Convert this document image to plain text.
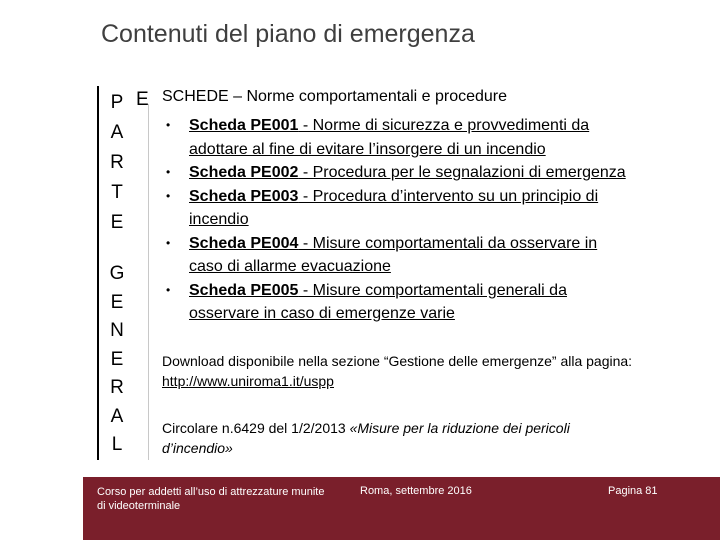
Contenuti del piano di emergenza
P
A
R
T
E
G
E
N
E
R
A
L
E SCHEDE – Norme comportamentali e procedure
• Scheda PE001 - Norme di sicurezza e provvedimenti da adottare al fine di evitare l’insorgere di un incendio
• Scheda PE002 - Procedura per le segnalazioni di emergenza
• Scheda PE003 - Procedura d’intervento su un principio di incendio
• Scheda PE004 - Misure comportamentali da osservare in caso di allarme evacuazione
• Scheda PE005 - Misure comportamentali generali da osservare in caso di emergenze varie
Download disponibile nella sezione “Gestione delle emergenze” alla pagina: http://www.uniroma1.it/uspp
Circolare n.6429 del 1/2/2013 «Misure per la riduzione dei pericoli d’incendio»
Corso per addetti all’uso di attrezzature munite di videoterminale
Roma, settembre 2016	Pagina 81
